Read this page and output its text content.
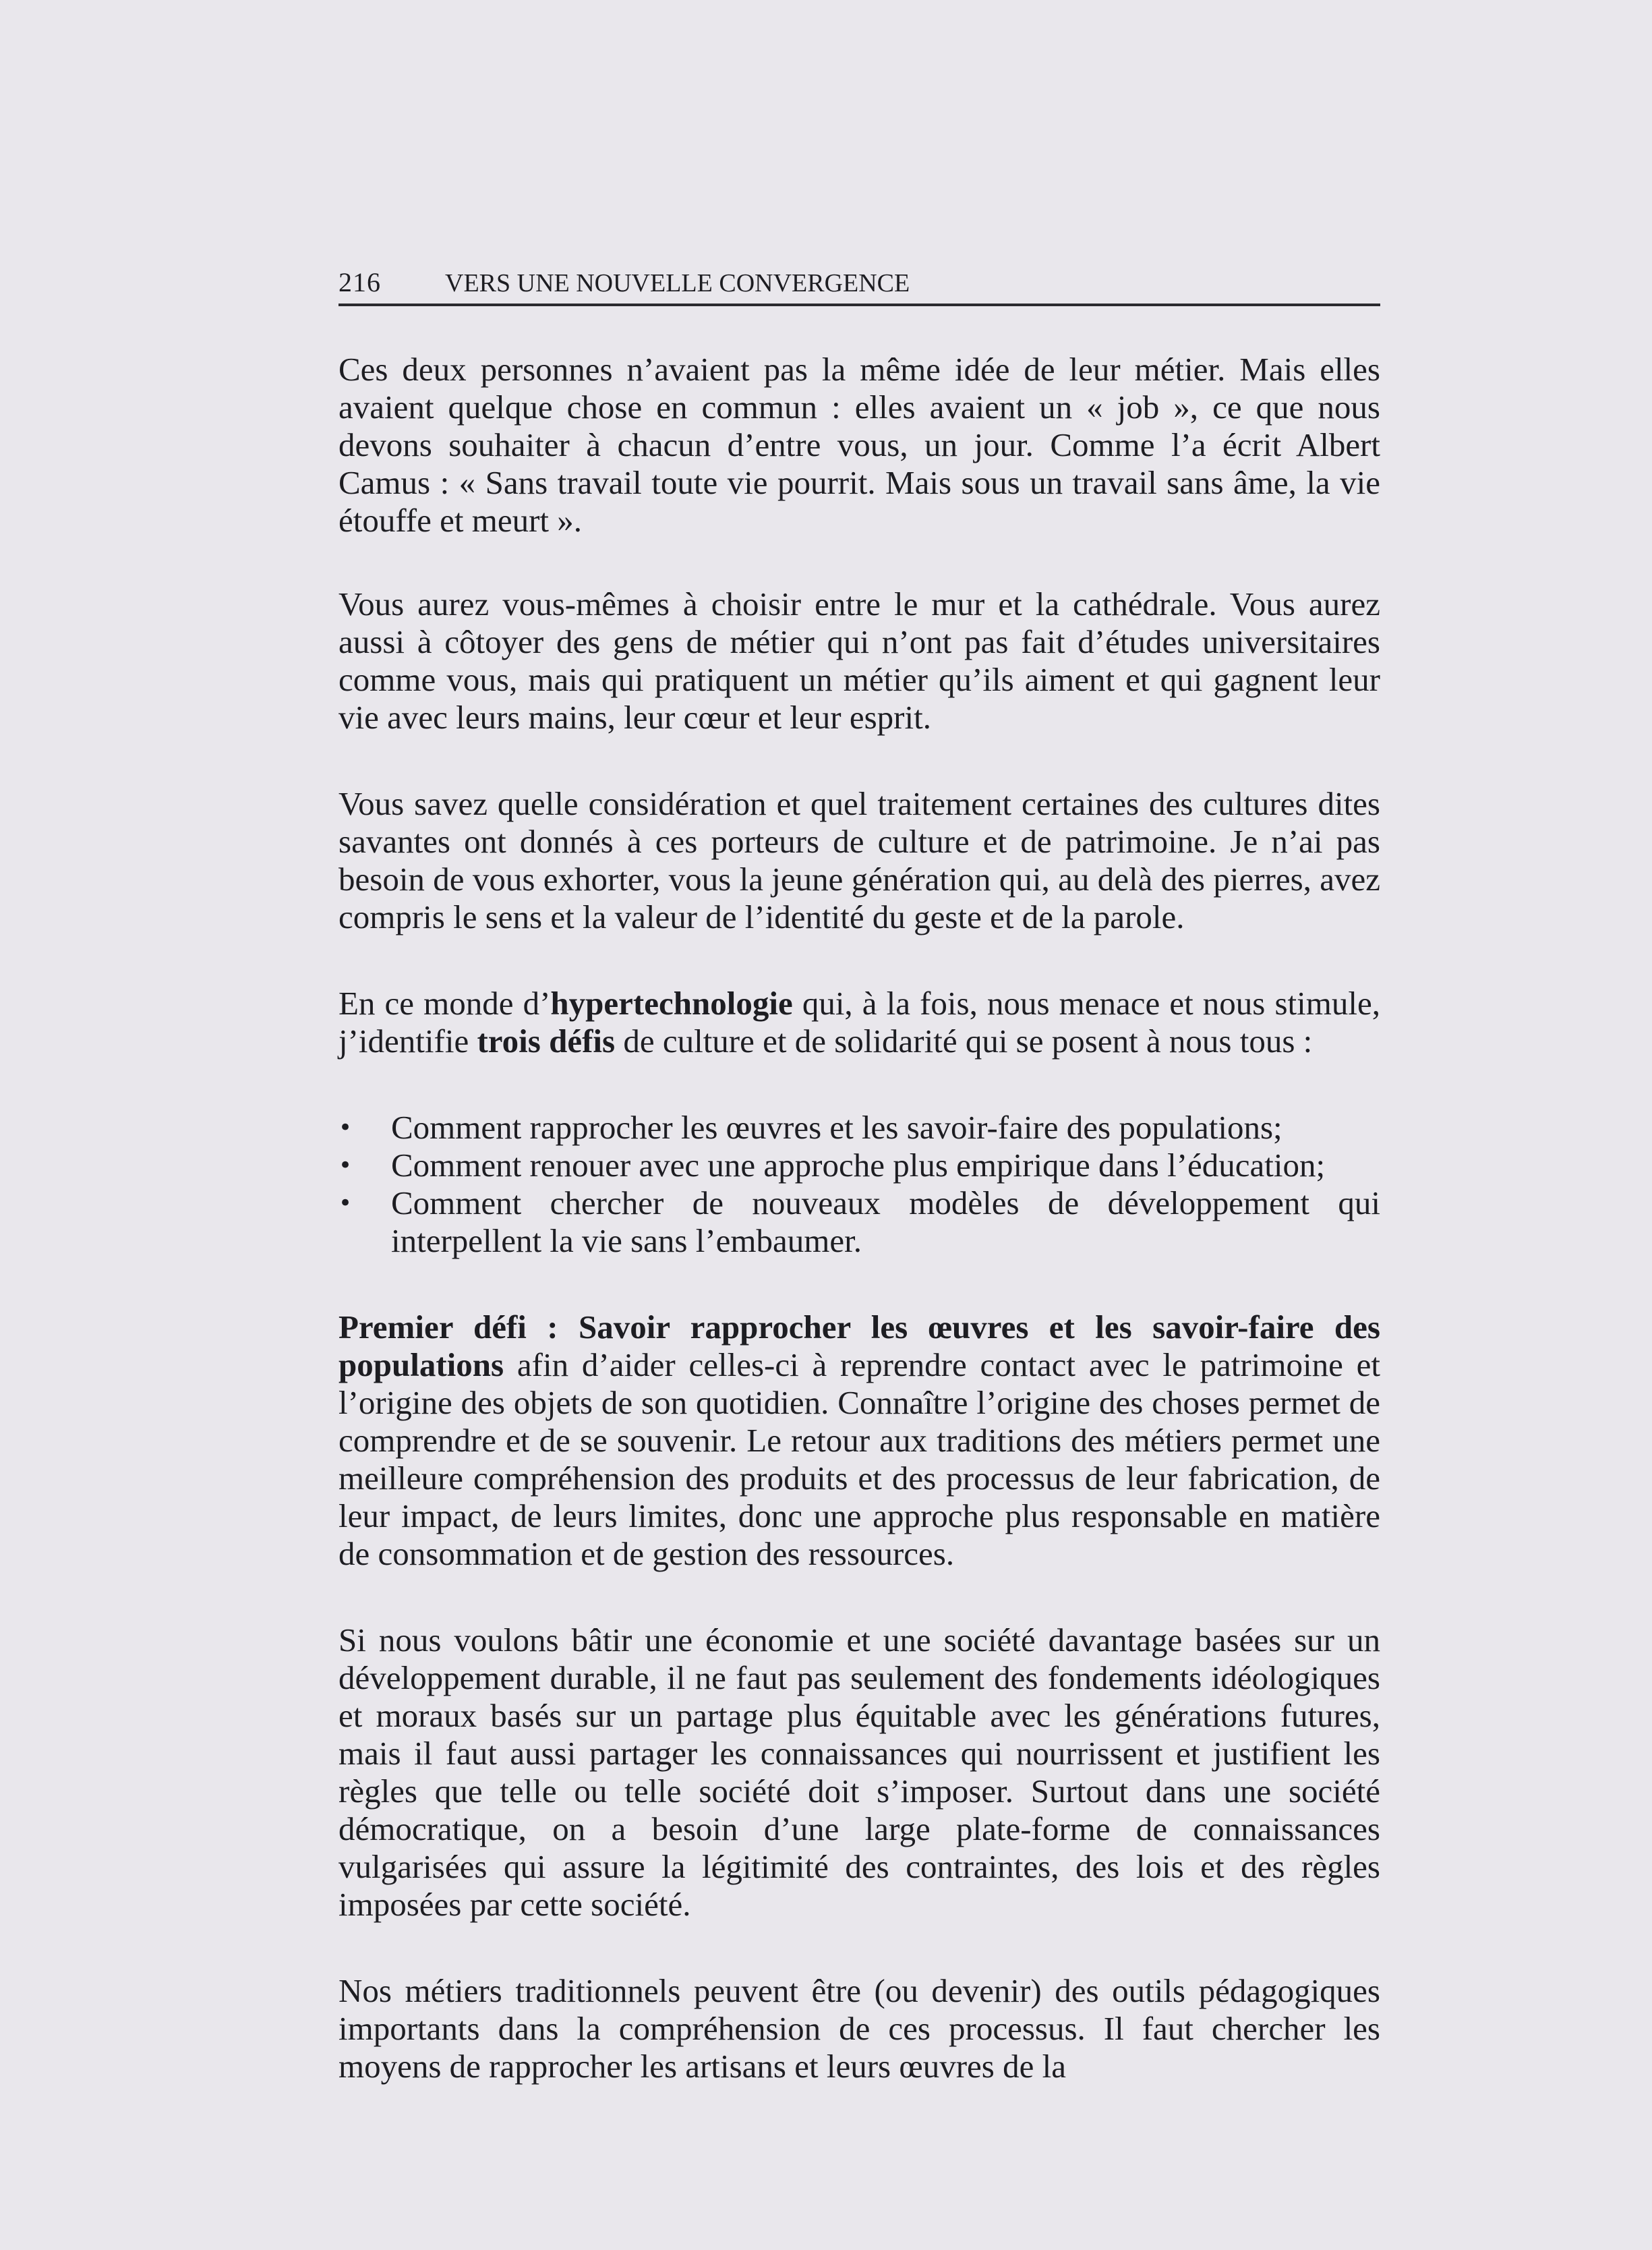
216	VERS UNE NOUVELLE CONVERGENCE

Ces deux personnes n’avaient pas la même idée de leur métier. Mais elles avaient quelque chose en commun : elles avaient un « job », ce que nous devons souhaiter à chacun d’entre vous, un jour. Comme l’a écrit Albert Camus : « Sans travail toute vie pourrit. Mais sous un travail sans âme, la vie étouffe et meurt ».

Vous aurez vous-mêmes à choisir entre le mur et la cathédrale. Vous aurez aussi à côtoyer des gens de métier qui n’ont pas fait d’études universitaires comme vous, mais qui pratiquent un métier qu’ils aiment et qui gagnent leur vie avec leurs mains, leur cœur et leur esprit.

Vous savez quelle considération et quel traitement certaines des cultures dites savantes ont donnés à ces porteurs de culture et de patrimoine. Je n’ai pas besoin de vous exhorter, vous la jeune génération qui, au delà des pierres, avez compris le sens et la valeur de l’identité du geste et de la parole.

En ce monde d’hypertechnologie qui, à la fois, nous menace et nous stimule, j’identifie trois défis de culture et de solidarité qui se posent à nous tous :

•	Comment rapprocher les œuvres et les savoir-faire des populations;
•	Comment renouer avec une approche plus empirique dans l’éducation;
•	Comment chercher de nouveaux modèles de développement qui interpellent la vie sans l’embaumer.

Premier défi : Savoir rapprocher les œuvres et les savoir-faire des populations afin d’aider celles-ci à reprendre contact avec le patrimoine et l’origine des objets de son quotidien. Connaître l’origine des choses permet de comprendre et de se souvenir. Le retour aux traditions des métiers permet une meilleure compréhension des produits et des processus de leur fabrication, de leur impact, de leurs limites, donc une approche plus responsable en matière de consommation et de gestion des ressources.

Si nous voulons bâtir une économie et une société davantage basées sur un développement durable, il ne faut pas seulement des fondements idéologiques et moraux basés sur un partage plus équitable avec les générations futures, mais il faut aussi partager les connaissances qui nourrissent et justifient les règles que telle ou telle société doit s’imposer. Surtout dans une société démocratique, on a besoin d’une large plate-forme de connaissances vulgarisées qui assure la légitimité des contraintes, des lois et des règles imposées par cette société.

Nos métiers traditionnels peuvent être (ou devenir) des outils pédagogiques importants dans la compréhension de ces processus. Il faut chercher les moyens de rapprocher les artisans et leurs œuvres de la
